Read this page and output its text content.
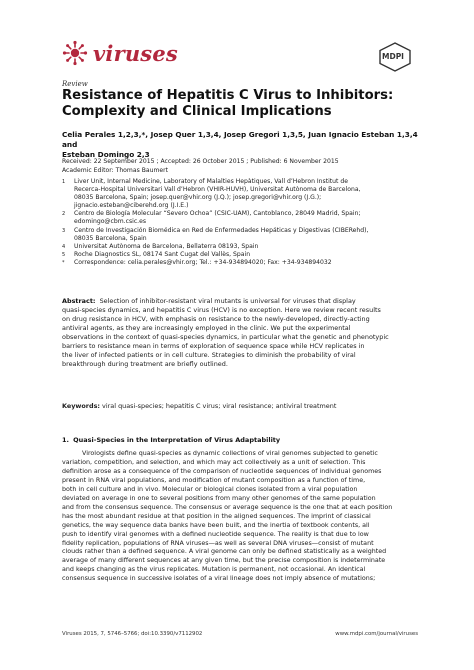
viruses	MDPI
Review
Resistance of Hepatitis C Virus to Inhibitors:
Complexity and Clinical Implications
Celia Perales 1,2,3,*, Josep Quer 1,3,4, Josep Gregori 1,3,5, Juan Ignacio Esteban 1,3,4 and
Esteban Domingo 2,3
Received: 22 September 2015 ; Accepted: 26 October 2015 ; Published: 6 November 2015
Academic Editor: Thomas Baumert
1	Liver Unit, Internal Medicine, Laboratory of Malalties Hepàtiques, Vall d’Hebron Institut de
Recerca-Hospital Universitari Vall d’Hebron (VHIR-HUVH), Universitat Autònoma de Barcelona,
08035 Barcelona, Spain; josep.quer@vhir.org (J.Q.); josep.gregori@vhir.org (J.G.);
jignacio.esteban@ciberehd.org (J.I.E.)
2	Centro de Biología Molecular “Severo Ochoa” (CSIC-UAM), Cantoblanco, 28049 Madrid, Spain;
edomingo@cbm.csic.es
3	Centro de Investigación Biomédica en Red de Enfermedades Hepáticas y Digestivas (CIBERehd),
08035 Barcelona, Spain
4	Universitat Autònoma de Barcelona, Bellaterra 08193, Spain
5	Roche Diagnostics SL, 08174 Sant Cugat del Vallès, Spain
*	Correspondence: celia.perales@vhir.org; Tel.: +34-934894020; Fax: +34-934894032
Abstract: Selection of inhibitor-resistant viral mutants is universal for viruses that display
quasi-species dynamics, and hepatitis C virus (HCV) is no exception. Here we review recent results
on drug resistance in HCV, with emphasis on resistance to the newly-developed, directly-acting
antiviral agents, as they are increasingly employed in the clinic. We put the experimental
observations in the context of quasi-species dynamics, in particular what the genetic and phenotypic
barriers to resistance mean in terms of exploration of sequence space while HCV replicates in
the liver of infected patients or in cell culture. Strategies to diminish the probability of viral
breakthrough during treatment are briefly outlined.
Keywords: viral quasi-species; hepatitis C virus; viral resistance; antiviral treatment
1. Quasi-Species in the Interpretation of Virus Adaptability
Virologists define quasi-species as dynamic collections of viral genomes subjected to genetic
variation, competition, and selection, and which may act collectively as a unit of selection. This
definition arose as a consequence of the comparison of nucleotide sequences of individual genomes
present in RNA viral populations, and modification of mutant composition as a function of time,
both in cell culture and in vivo. Molecular or biological clones isolated from a viral population
deviated on average in one to several positions from many other genomes of the same population
and from the consensus sequence. The consensus or average sequence is the one that at each position
has the most abundant residue at that position in the aligned sequences. The imprint of classical
genetics, the way sequence data banks have been built, and the inertia of textbook contents, all
push to identify viral genomes with a defined nucleotide sequence. The reality is that due to low
fidelity replication, populations of RNA viruses—as well as several DNA viruses—consist of mutant
clouds rather than a defined sequence. A viral genome can only be defined statistically as a weighted
average of many different sequences at any given time, but the precise composition is indeterminate
and keeps changing as the virus replicates. Mutation is permanent, not occasional. An identical
consensus sequence in successive isolates of a viral lineage does not imply absence of mutations;
Viruses 2015, 7, 5746–5766; doi:10.3390/v7112902	www.mdpi.com/journal/viruses
